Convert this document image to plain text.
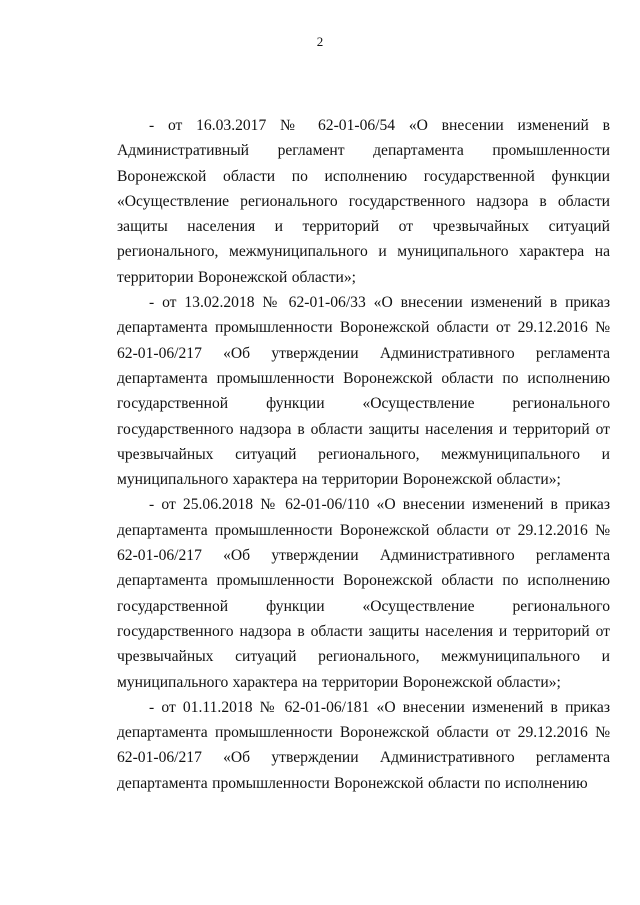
2

- от 16.03.2017 № 62-01-06/54 «О внесении изменений в Административный регламент департамента промышленности Воронежской области по исполнению государственной функции «Осуществление регионального государственного надзора в области защиты населения и территорий от чрезвычайных ситуаций регионального, межмуниципального и муниципального характера на территории Воронежской области»;

- от 13.02.2018 № 62-01-06/33 «О внесении изменений в приказ департамента промышленности Воронежской области от 29.12.2016 № 62-01-06/217 «Об утверждении Административного регламента департамента промышленности Воронежской области по исполнению государственной функции «Осуществление регионального государственного надзора в области защиты населения и территорий от чрезвычайных ситуаций регионального, межмуниципального и муниципального характера на территории Воронежской области»;

- от 25.06.2018 № 62-01-06/110 «О внесении изменений в приказ департамента промышленности Воронежской области от 29.12.2016 № 62-01-06/217 «Об утверждении Административного регламента департамента промышленности Воронежской области по исполнению государственной функции «Осуществление регионального государственного надзора в области защиты населения и территорий от чрезвычайных ситуаций регионального, межмуниципального и муниципального характера на территории Воронежской области»;

- от 01.11.2018 № 62-01-06/181 «О внесении изменений в приказ департамента промышленности Воронежской области от 29.12.2016 № 62-01-06/217 «Об утверждении Административного регламента департамента промышленности Воронежской области по исполнению
